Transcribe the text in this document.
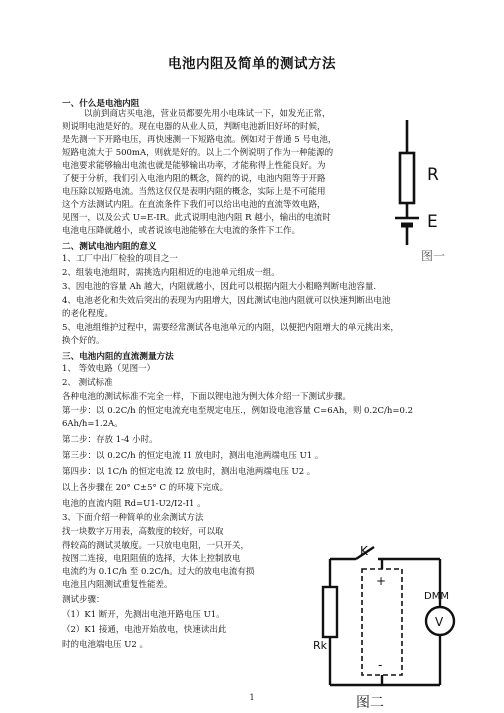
电池内阻及简单的测试方法
一、什么是电池内阻
以前到商店买电池，营业员都要先用小电珠试一下，如发光正常，
则说明电池是好的。现在电器的从业人员，判断电池新旧好坏的时候，
是先测一下开路电压，再快速测一下短路电流。例如对于普通 5 号电池，
短路电流大于 500mA，则就是好的。以上二个例说明了作为一种能源的
电池要求能够输出电流也就是能够输出功率，才能称得上性能良好。为
了便于分析，我们引入电池内阻的概念，简约的说，电池内阻等于开路
电压除以短路电流。当然这仅仅是表明内阻的概念，实际上是不可能用
这个方法测试内阻。在直流条件下我们可以给出电池的直流等效电路，
见图一，以及公式 U=E-IR。此式说明电池内阻 R 越小，输出的电流时
电池电压降就越小，或者说该电池能够在大电流的条件下工作。
R
E
图一
二、测试电池内阻的意义
1、工厂中出厂检验的项目之一
2、组装电池组时，需挑选内阻相近的电池单元组成一组。
3、因电池的容量 Ah 越大，内阻就越小，因此可以根据内阻大小粗略判断电池容量.
4、电池老化和失效后突出的表现为内阻增大，因此测试电池内阻就可以快速判断出电池
的老化程度。
5、电池组维护过程中，需要经常测试各电池单元的内阻，以便把内阻增大的单元挑出来，
换个好的。
三、电池内阻的直流测量方法
1、 等效电路（见图一）
2、 测试标准
各种电池的测试标准不完全一样，下面以锂电池为例大体介绍一下测试步骤。
第一步：以 0.2C/h 的恒定电流充电至规定电压.，例如设电池容量 C=6Ah，则 0.2C/h=0.2
6Ah/h=1.2A。
第二步：存放 1-4 小时。
第三步：以 0.2C/h 的恒定电流 I1 放电时，测出电池两端电压 U1 。
第四步：以 1C/h 的恒定电流 I2 放电时，测出电池两端电压 U2 。
以上各步骤在 20° C±5° C 的环境下完成。
电池的直流内阻 Rd=U1-U2/I2-I1 。
3、下面介绍一种简单的业余测试方法
找一块数字万用表，高数度的较好，可以取
得较高的测试灵敏度。一只放电电阻，一只开关，
按图二连接，电阻阻值的选择，大体上控制放电
电流约为 0.1C/h 至 0.2C/h。过大的放电电流有损
电池且内阻测试重复性能差。
测试步骤：
（1）K1 断开，先测出电池开路电压 U1。
（2）K1 接通，电池开始放电，快速读出此
时的电池端电压 U2 。
K
Rk
+
-
DMM
V
图二
1
